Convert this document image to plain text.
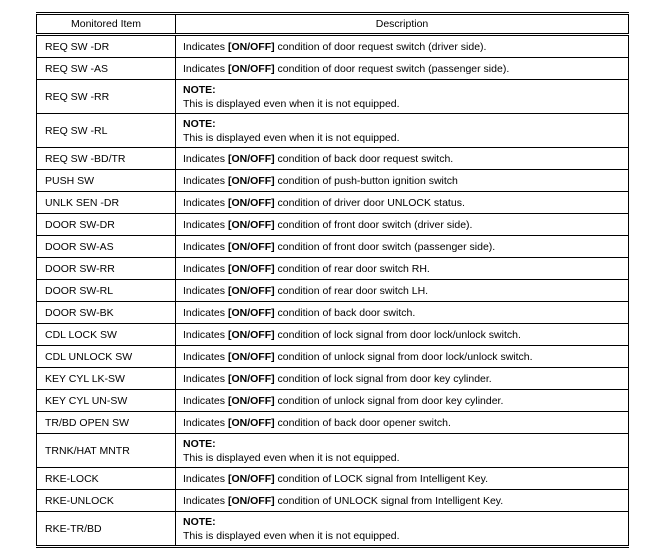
Monitored Item	Description
REQ SW -DR	Indicates [ON/OFF] condition of door request switch (driver side).
REQ SW -AS	Indicates [ON/OFF] condition of door request switch (passenger side).
REQ SW -RR	NOTE:
This is displayed even when it is not equipped.

REQ SW -RL	NOTE:
This is displayed even when it is not equipped.

REQ SW -BD/TR	Indicates [ON/OFF] condition of back door request switch.
PUSH SW	Indicates [ON/OFF] condition of push-button ignition switch
UNLK SEN -DR	Indicates [ON/OFF] condition of driver door UNLOCK status.
DOOR SW-DR	Indicates [ON/OFF] condition of front door switch (driver side).
DOOR SW-AS	Indicates [ON/OFF] condition of front door switch (passenger side).
DOOR SW-RR	Indicates [ON/OFF] condition of rear door switch RH.
DOOR SW-RL	Indicates [ON/OFF] condition of rear door switch LH.
DOOR SW-BK	Indicates [ON/OFF] condition of back door switch.
CDL LOCK SW	Indicates [ON/OFF] condition of lock signal from door lock/unlock switch.
CDL UNLOCK SW	Indicates [ON/OFF] condition of unlock signal from door lock/unlock switch.
KEY CYL LK-SW	Indicates [ON/OFF] condition of lock signal from door key cylinder.
KEY CYL UN-SW	Indicates [ON/OFF] condition of unlock signal from door key cylinder.
TR/BD OPEN SW	Indicates [ON/OFF] condition of back door opener switch.
TRNK/HAT MNTR	NOTE:
This is displayed even when it is not equipped.

RKE-LOCK	Indicates [ON/OFF] condition of LOCK signal from Intelligent Key.
RKE-UNLOCK	Indicates [ON/OFF] condition of UNLOCK signal from Intelligent Key.
RKE-TR/BD	NOTE:
This is displayed even when it is not equipped.
